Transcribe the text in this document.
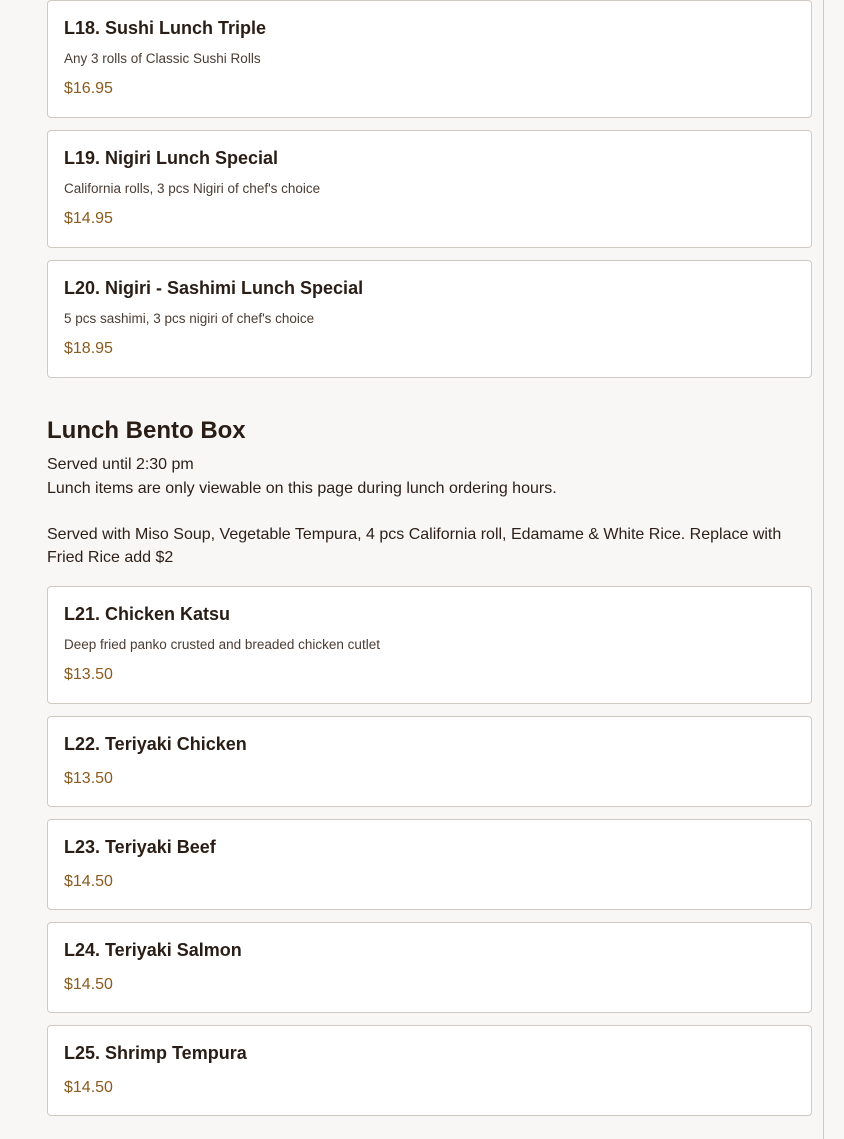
L18. Sushi Lunch Triple
Any 3 rolls of Classic Sushi Rolls
$16.95
L19. Nigiri Lunch Special
California rolls, 3 pcs Nigiri of chef's choice
$14.95
L20. Nigiri - Sashimi Lunch Special
5 pcs sashimi, 3 pcs nigiri of chef's choice
$18.95
Lunch Bento Box
Served until 2:30 pm
Lunch items are only viewable on this page during lunch ordering hours.
Served with Miso Soup, Vegetable Tempura, 4 pcs California roll, Edamame & White Rice. Replace with Fried Rice add $2
L21. Chicken Katsu
Deep fried panko crusted and breaded chicken cutlet
$13.50
L22. Teriyaki Chicken
$13.50
L23. Teriyaki Beef
$14.50
L24. Teriyaki Salmon
$14.50
L25. Shrimp Tempura
$14.50
